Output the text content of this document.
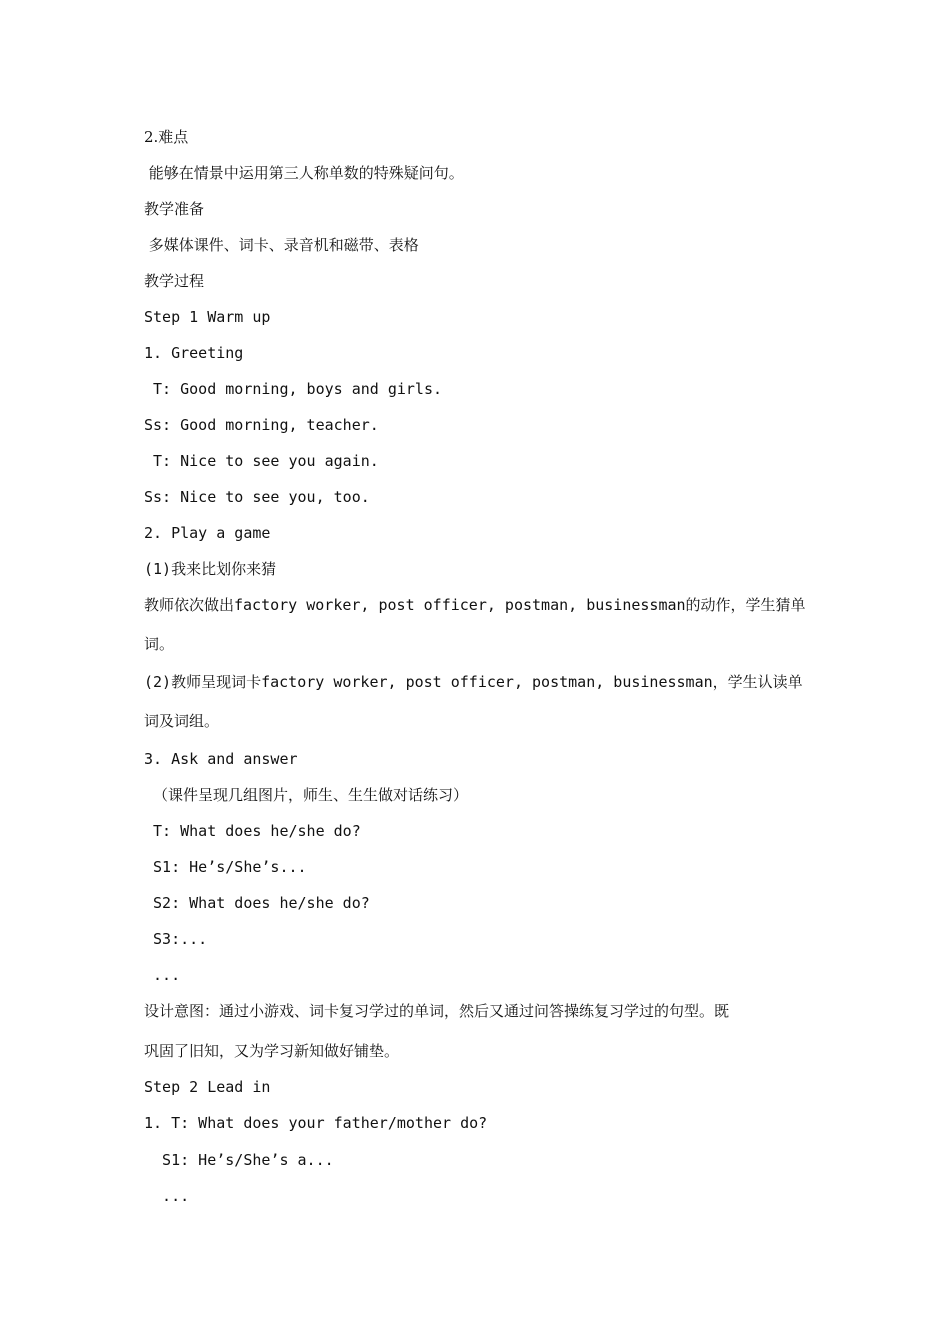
2.难点

能够在情景中运用第三人称单数的特殊疑问句。

教学准备

多媒体课件、词卡、录音机和磁带、表格

教学过程

Step 1 Warm up

1. Greeting

T: Good morning, boys and girls.

Ss: Good morning, teacher.

T: Nice to see you again.

Ss: Nice to see you, too.

2. Play a game

(1)我来比划你来猜

教师依次做出factory worker, post officer, postman, businessman的动作，学生猜单

词。

(2)教师呈现词卡factory worker, post officer, postman, businessman，学生认读单

词及词组。

3. Ask and answer

（课件呈现几组图片，师生、生生做对话练习）

T: What does he/she do?

S1: He’s/She’s...

S2: What does he/she do?

S3:...

...

设计意图：通过小游戏、词卡复习学过的单词，然后又通过问答操练复习学过的句型。既

巩固了旧知，又为学习新知做好铺垫。

Step 2 Lead in

1. T: What does your father/mother do?

S1: He’s/She’s a...

...
